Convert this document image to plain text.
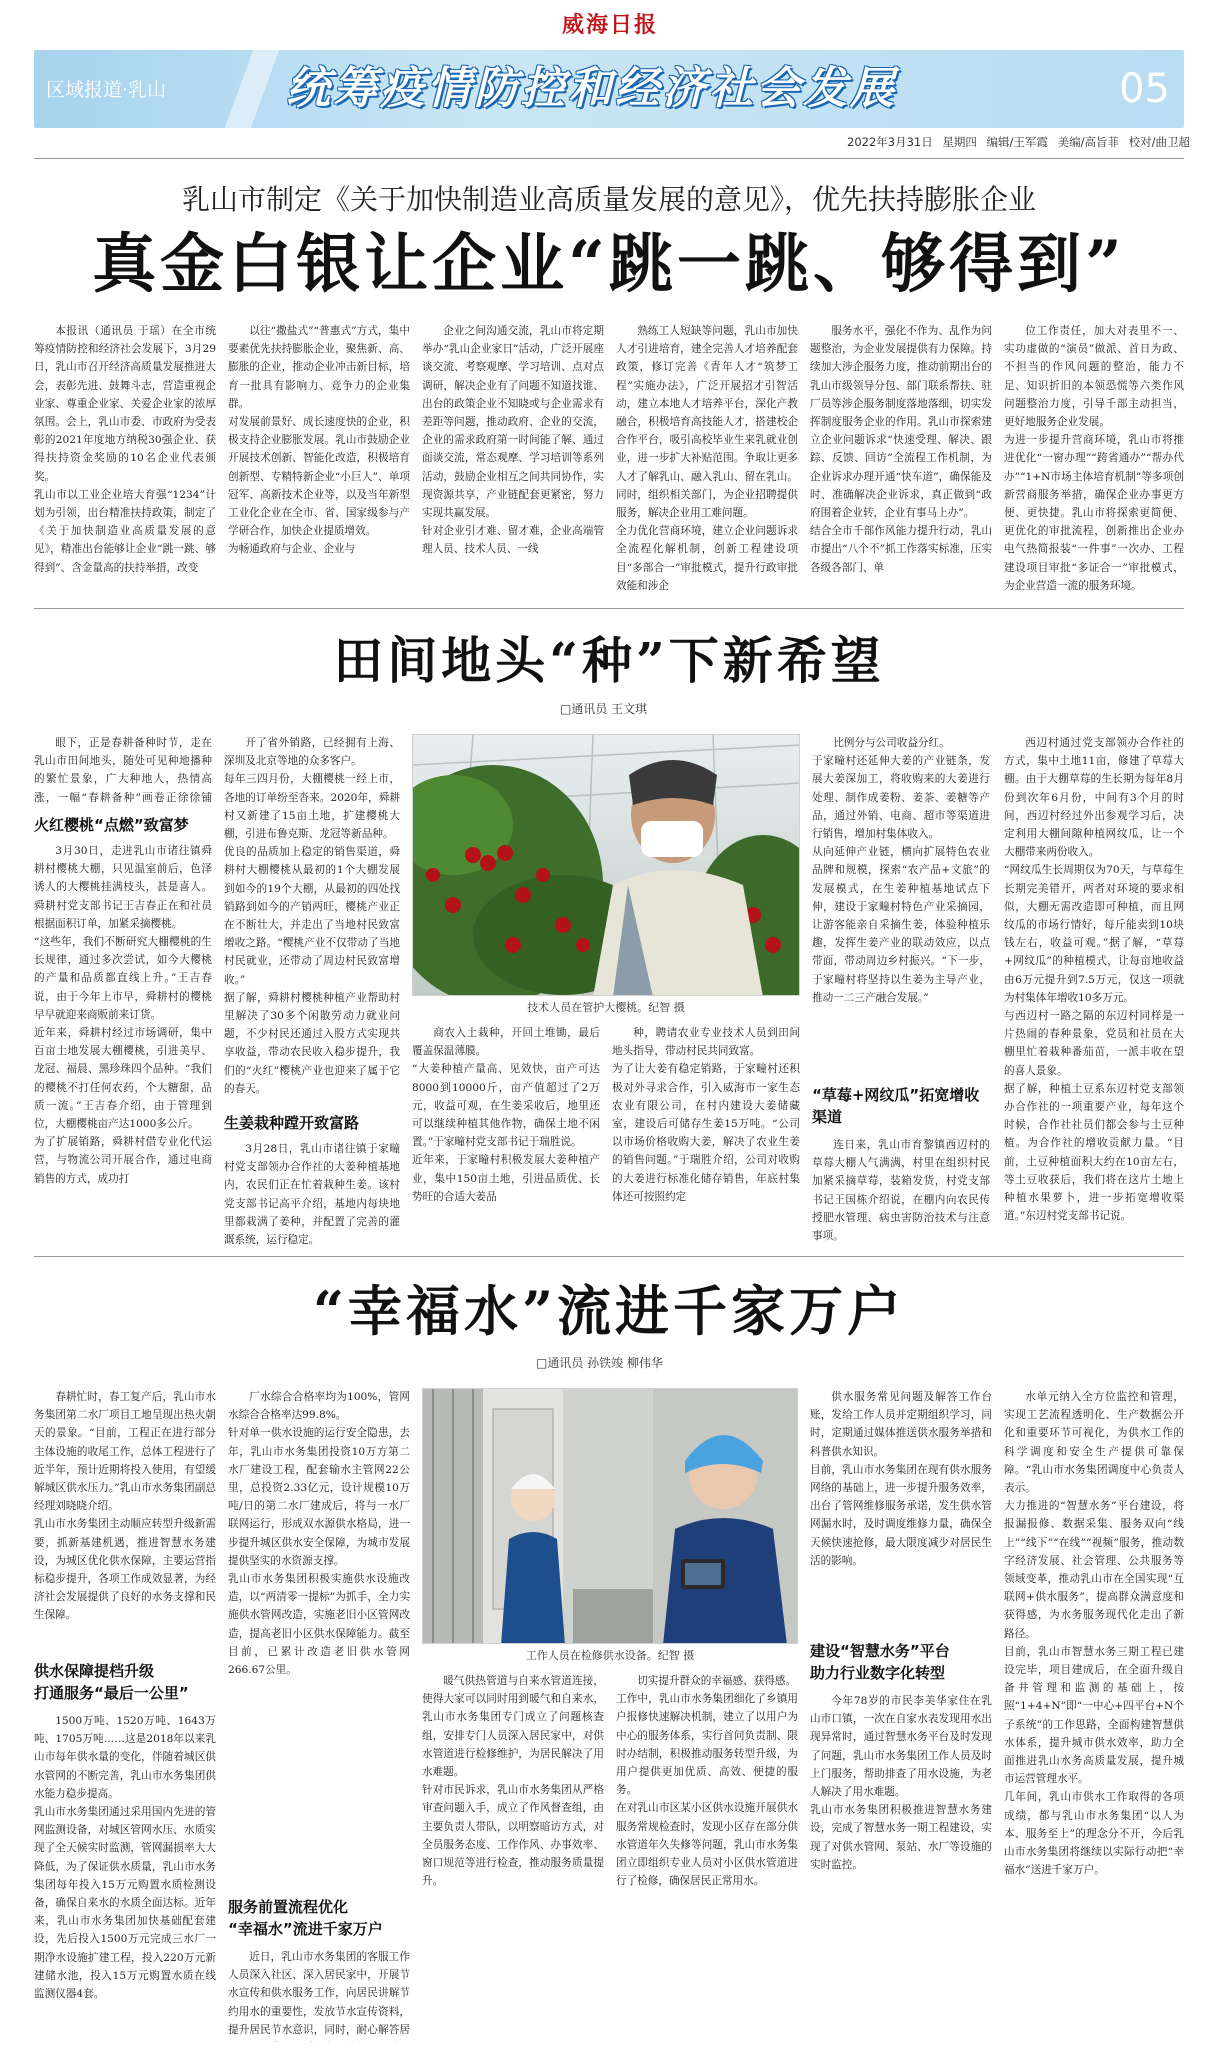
威海日报
区域报道·乳山	统筹疫情防控和经济社会发展	05
2022年3月31日 星期四 编辑/王军霞 美编/高旨菲 校对/曲卫超
乳山市制定《关于加快制造业高质量发展的意见》，优先扶持膨胀企业
真金白银让企业“跳一跳、够得到”

本报讯（通讯员 于瑶）在全市统筹疫情防控和经济社会发展下，3月29日，乳山市召开经济高质量发展推进大会，表彰先进、鼓舞斗志，营造重视企业家、尊重企业家、关爱企业家的浓厚氛围。会上，乳山市委、市政府为受表彰的2021年度地方纳税30强企业、获得扶持资金奖励的10名企业代表颁奖。
乳山市以工业企业培大育强“1234”计划为引领，出台精准扶持政策，制定了《关于加快制造业高质量发展的意见》，精准出台能够让企业“跳一跳、够得到”、含金量高的扶持举措，改变

以往“撒盐式”“普惠式”方式，集中要素优先扶持膨胀企业，聚焦新、高、膨胀的企业，推动企业冲击新目标，培育一批具有影响力、竞争力的企业集群。
对发展前景好、成长速度快的企业，积极支持企业膨胀发展。乳山市鼓励企业开展技术创新、智能化改造，积极培育创新型、专精特新企业“小巨人”、单项冠军、高新技术企业等，以及当年新型工业化企业在全市、省、国家级参与产学研合作，加快企业提质增效。
为畅通政府与企业、企业与

企业之间沟通交流，乳山市将定期举办“乳山企业家日”活动，广泛开展座谈交流、考察观摩、学习培训、点对点调研，解决企业有了问题不知道找谁、出台的政策企业不知晓或与企业需求有差距等问题，推动政府、企业的交流，企业的需求政府第一时间能了解、通过面谈交流，常态观摩、学习培训等系列活动，鼓励企业相互之间共同协作，实现资源共享，产业链配套更紧密，努力实现共赢发展。
针对企业引才难、留才难，企业高端管理人员、技术人员、一线

熟练工人短缺等问题，乳山市加快人才引进培育，建全完善人才培养配套政策，修订完善《青年人才“筑梦工程”实施办法》，广泛开展招才引智活动，建立本地人才培养平台，深化产教融合，积极培育高技能人才，搭建校企合作平台，吸引高校毕业生来乳就业创业，进一步扩大补贴范围。争取让更多人才了解乳山、融入乳山、留在乳山。同时，组织相关部门，为企业招聘提供服务，解决企业用工难问题。
全力优化营商环境，建立企业问题诉求全流程化解机制，创新工程建设项目“多部合一”审批模式，提升行政审批效能和涉企

服务水平，强化不作为、乱作为问题整治，为企业发展提供有力保障。持续加大涉企服务力度，推动前期出台的乳山市级领导分包、部门联系帮扶、驻厂员等涉企服务制度落地落细，切实发挥制度服务企业的作用。乳山市探索建立企业问题诉求“快速受理、解决、跟踪、反馈、回访”全流程工作机制，为企业诉求办理开通“快车道”，确保能及时、准确解决企业诉求，真正做到“政府围着企业转，企业有事马上办”。
结合全市千部作风能力提升行动，乳山市提出“八个不”抓工作落实标准，压实各级各部门、单

位工作责任，加大对表里不一、实功虚做的“演员”做派、首日为政、不担当的作风问题的整治，能力不足、知识折旧的本领恐慌等六类作风问题整治力度，引导千部主动担当，更好地服务企业发展。
为进一步提升营商环境，乳山市将推进优化“一窗办理”“跨省通办”“帮办代办”“1+N市场主体培育机制”等多项创新营商服务举措，确保企业办事更方便、更快捷。乳山市将探索更简便、更优化的审批流程，创新推出企业办电气热简报装“一件事”一次办、工程建设项目审批“多证合一”审批模式，为企业营造一流的服务环境。

田间地头“种”下新希望
□通讯员 王文琪

眼下，正是春耕备种时节，走在乳山市田间地头，随处可见种地播种的繁忙景象，广大种地人，热情高涨，一幅“春耕备种”画卷正徐徐铺

火红樱桃“点燃”致富梦

3月30日，走进乳山市诸往镇舜耕村樱桃大棚，只见温室前后，色泽诱人的大樱桃挂满枝头，甚是喜人。舜耕村党支部书记王吉春正在和社员根据面积订单，加紧采摘樱桃。
“这些年，我们不断研究大棚樱桃的生长规律，通过多次尝试，如今大樱桃的产量和品质都直线上升。”王吉春说，由于今年上市早，舜耕村的樱桃早早就迎来商贩前来订货。
近年来，舜耕村经过市场调研，集中百亩土地发展大棚樱桃，引进美早、龙冠、福晨、黑珍珠四个品种。“我们的樱桃不打任何农药，个大糖甜，品质一流。”王吉春介绍，由于管理到位，大棚樱桃亩产达1000多公斤。
为了扩展销路，舜耕村借专业化代运营，与物流公司开展合作，通过电商销售的方式，成功打

开了省外销路，已经拥有上海、深圳及北京等地的众多客户。
每年三四月份，大棚樱桃一经上市，各地的订单纷至沓来。2020年，舜耕村又新建了15亩土地，扩建樱桃大棚，引进布鲁克斯、龙冠等新品种。
优良的品质加上稳定的销售渠道，舜耕村大棚樱桃从最初的1个大棚发展到如今的19个大棚，从最初的四处找销路到如今的产销两旺，樱桃产业正在不断壮大，并走出了当地村民致富增收之路。“樱桃产业不仅带动了当地村民就业，还带动了周边村民致富增收。”
据了解，舜耕村樱桃种植产业帮助村里解决了30多个闲散劳动力就业问题，不少村民还通过入股方式实现共享收益，带动农民收入稳步提升，我们的“火红”樱桃产业也迎来了属于它的春天。

生姜栽种蹚开致富路

3月28日，乳山市诸往镇于家疃村党支部领办合作社的大姜种植基地内，农民们正在忙着栽种生姜。该村党支部书记高平介绍，基地内每块地里都栽满了姜种，并配置了完善的灌溉系统，运行稳定。

技术人员在管护大樱桃。纪智 摄

商农入土栽种，开回土堆锄，最后覆盖保温薄膜。
“大姜种植产量高、见效快，亩产可达8000到10000斤，亩产值超过了2万元，收益可观，在生姜采收后，地里还可以继续种植其他作物，确保土地不闲置。”于家疃村党支部书记于瑞胜说。
近年来，于家疃村积极发展大姜种植产业，集中150亩土地，引进品质优、长势旺的合适大姜品

种，聘请农业专业技术人员到田间地头指导，带动村民共同致富。
为了让大姜有稳定销路，于家疃村还积极对外寻求合作，引入威海市一家生态农业有限公司，在村内建设大姜储藏室，建设后可储存生姜15万吨。“公司以市场价格收购大姜，解决了农业生姜的销售问题。”于瑞胜介绍，公司对收购的大姜进行标准化储存销售，年底村集体还可按照约定

比例分与公司收益分红。
于家疃村还延伸大姜的产业链条，发展大姜深加工，将收购来的大姜进行处理、制作成姜粉、姜茶、姜糖等产品，通过外销、电商、超市等渠道进行销售，增加村集体收入。
从向延伸产业链，横向扩展特色农业品牌和规模，探索“农产品+文旅”的发展模式，在生姜种植基地试点下伸，建设于家疃村特色产业采摘园，让游客能亲自采摘生姜，体验种植乐趣，发挥生姜产业的联动效应，以点带面，带动周边乡村振兴。“下一步，于家疃村将坚持以生姜为主导产业，推动一二三产融合发展。”

“草莓+网纹瓜”拓宽增收渠道

连日来，乳山市育黎镇西辺村的草莓大棚人气满满，村里在组织村民加紧采摘草莓，装箱发货，村党支部书记王国栋介绍说，在棚内向农民传授肥水管理、病虫害防治技术与注意事项。

西辺村通过党支部领办合作社的方式，集中土地11亩，修建了草莓大棚。由于大棚草莓的生长期为每年8月份到次年6月份，中间有3个月的时间，西辺村经过外出参观学习后，决定利用大棚间隙种植网纹瓜，让一个大棚带来两份收入。
“网纹瓜生长周期仅为70天，与草莓生长期完美错开，两者对环境的要求相似，大棚无需改造即可种植，而且网纹瓜的市场行情好，每斤能卖到10块钱左右，收益可观。”据了解，“草莓+网纹瓜”的种植模式，让每亩地收益由6万元提升到7.5万元，仅这一项就为村集体年增收10多万元。
与西辺村一路之隔的东辺村同样是一片热闹的春种景象，党员和社员在大棚里忙着栽种番茄苗，一派丰收在望的喜人景象。
据了解，种植土豆系东辺村党支部领办合作社的一项重要产业，每年这个时候，合作社社员们都会参与土豆种植。为合作社的增收贡献力量。“目前，土豆种植面积大约在10亩左右，等土豆收获后，我们将在这片土地上种植水果萝卜，进一步拓宽增收渠道。”东辺村党支部书记说。

“幸福水”流进千家万户
□通讯员 孙铁竣 柳伟华

春耕忙时，春工复产后，乳山市水务集团第二水厂项目工地呈现出热火朝天的景象。“目前，工程正在进行部分主体设施的收尾工作，总体工程进行了近半年，预计近期将投入使用，有望缓解城区供水压力。”乳山市水务集团副总经理刘晓晓介绍。
乳山市水务集团主动顺应转型升级新需要，抓新基建机遇，推进智慧水务建设，为城区优化供水保障，主要运营指标稳步提升，各项工作成效显著，为经济社会发展提供了良好的水务支撑和民生保障。

供水保障提档升级
打通服务“最后一公里”

1500万吨、1520万吨、1643万吨、1705万吨……这是2018年以来乳山市每年供水量的变化，伴随着城区供水管网的不断完善，乳山市水务集团供水能力稳步提高。
乳山市水务集团通过采用国内先进的管网监测设备，对城区管网水压、水质实现了全天候实时监测，管网漏损率大大降低，为了保证供水质量，乳山市水务集团每年投入15万元购置水质检测设备，确保自来水的水质全面达标。近年来，乳山市水务集团加快基础配套建设，先后投入1500万元完成三水厂一期净水设施扩建工程，投入220万元新建储水池，投入15万元购置水质在线监测仪器4套。

厂水综合合格率均为100%，管网水综合合格率达99.8%。
针对单一供水设施的运行安全隐患，去年，乳山市水务集团投资10万方第二水厂建设工程，配套输水主管网22公里，总投资2.33亿元，设计规模10万吨/日的第二水厂建成后，将与一水厂联网运行，形成双水源供水格局，进一步提升城区供水安全保障，为城市发展提供坚实的水资源支撑。
乳山市水务集团积极实施供水设施改造，以“两清零一提标”为抓手，全力实施供水管网改造，实施老旧小区管网改造，提高老旧小区供水保障能力。截至目前，已累计改造老旧供水管网266.67公里。

服务前置流程优化
“幸福水”流进千家万户

近日，乳山市水务集团的客服工作人员深入社区、深入居民家中，开展节水宣传和供水服务工作，向居民讲解节约用水的重要性，发放节水宣传资料，提升居民节水意识，同时，耐心解答居

工作人员在检修供水设备。纪智 摄

暖气供热管道与自来水管道连接，使得大家可以同时用到暖气和自来水，乳山市水务集团专门成立了问题核查组，安排专门人员深入居民家中，对供水管道进行检修维护，为居民解决了用水难题。
针对市民诉求，乳山市水务集团从严格审查问题入手，成立了作风督查组，由主要负责人带队，以明察暗访方式，对全员服务态度、工作作风、办事效率、窗口规范等进行检查，推动服务质量提升。

切实提升群众的幸福感、获得感。
工作中，乳山市水务集团细化了乡镇用户报修快速解决机制，建立了以用户为中心的服务体系，实行首问负责制、限时办结制，积极推动服务转型升级，为用户提供更加优质、高效、便捷的服务。
在对乳山市区某小区供水设施开展供水服务常规检查时，发现小区存在部分供水管道年久失修等问题，乳山市水务集团立即组织专业人员对小区供水管道进行了检修，确保居民正常用水。

供水服务常见问题及解答工作台账，发给工作人员并定期组织学习，同时，定期通过媒体推送供水服务举措和科普供水知识。
目前，乳山市水务集团在现有供水服务网络的基础上，进一步提升服务效率，出台了管网维修服务承诺，发生供水管网漏水时，及时调度维修力量，确保全天候快速抢修，最大限度减少对居民生活的影响。

建设“智慧水务”平台
助力行业数字化转型

今年78岁的市民李美华家住在乳山市口镇，一次在自家水表发现用水出现异常时，通过智慧水务平台及时发现了问题，乳山市水务集团工作人员及时上门服务，帮助排查了用水设施，为老人解决了用水难题。
乳山市水务集团积极推进智慧水务建设，完成了智慧水务一期工程建设，实现了对供水管网、泵站、水厂等设施的实时监控。

水单元纳入全方位监控和管理，实现工艺流程透明化、生产数据公开化和重要环节可视化，为供水工作的科学调度和安全生产提供可靠保障。“乳山市水务集团调度中心负责人表示。
大力推进的“智慧水务”平台建设，将报漏报修、数据采集、服务双向“线上”“线下”“在线”“视频”服务，推动数字经济发展、社会管理、公共服务等领域变革，推动乳山市在全国实现“互联网+供水服务”，提高群众满意度和获得感，为水务服务现代化走出了新路径。
目前，乳山市智慧水务三期工程已建设完毕，项目建成后，在全面升级自备井管理和监测的基础上，按照“1+4+N”即“一中心+四平台+N个子系统”的工作思路，全面构建智慧供水体系，提升城市供水效率，助力全面推进乳山水务高质量发展，提升城市运营管理水平。
几年间，乳山市供水工作取得的各项成绩，都与乳山市水务集团“以人为本、服务至上”的理念分不开，今后乳山市水务集团将继续以实际行动把“幸福水”送进千家万户。
